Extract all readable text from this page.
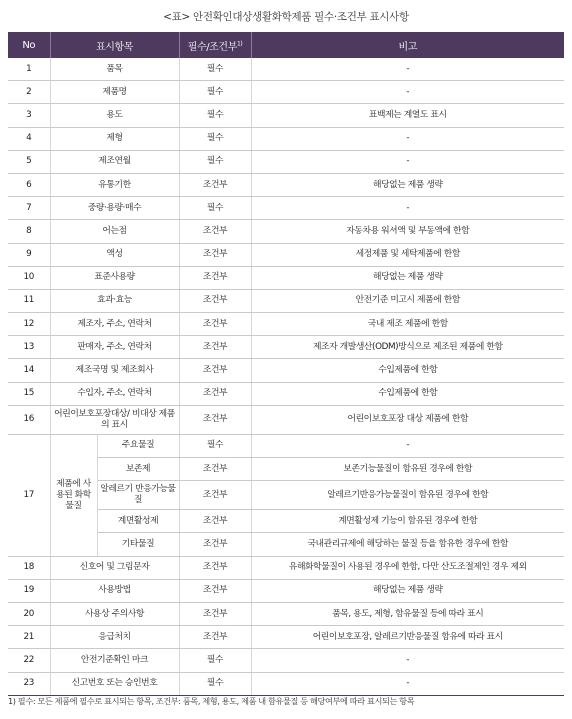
<표> 안전확인대상생활화학제품 필수·조건부 표시사항
No	표시항목		필수/조건부$^{1)}$	비고
1	품목		필수	-
2	제품명		필수	-
3	용도		필수	표백제는 계열도 표시
4	제형		필수	-
5	제조연월		필수	-
6	유통기한		조건부	해당없는 제품 생략
7	중량·용량·매수		필수	-
8	어는점		조건부	자동차용 워셔액 및 부동액에 한함
9	액성		조건부	세정제품 및 세탁제품에 한함
10	표준사용량		조건부	해당없는 제품 생략
11	효과·효능		조건부	안전기준 미고시 제품에 한함
12	제조자, 주소, 연락처		조건부	국내 제조 제품에 한함
13	판매자, 주소, 연락처		조건부	제조자 개발생산(ODM)방식으로 제조된 제품에 한함
14	제조국명 및 제조회사		조건부	수입제품에 한함
15	수입자, 주소, 연락처		조건부	수입제품에 한함
16	어린이보호포장대상/ 비대상 제품의 표시		조건부	어린이보호포장 대상 제품에 한함
17	제품에 사용된 화학물질	주요물질	필수	-
		보존제	조건부	보존기능물질이 함유된 경우에 한함
		알레르기 반응가능물질	조건부	알레르기반응가능물질이 함유된 경우에 한함
		계면활성제	조건부	계면활성제 기능이 함유된 경우에 한함
		기타물질	조건부	국내관리규제에 해당하는 물질 등을 함유한 경우에 한함
18	신호어 및 그림문자		조건부	유해화학물질이 사용된 경우에 한함, 다만 산도조절제인 경우 제외
19	사용방법		조건부	해당없는 제품 생략
20	사용상 주의사항		조건부	품목, 용도, 제형, 함유물질 등에 따라 표시
21	응급처치		조건부	어린이보호포장, 알레르기반응물질 함유에 따라 표시
22	안전기준확인 마크		필수	-
23	신고번호 또는 승인번호		필수	-
1) 필수: 모든 제품에 필수로 표시되는 항목, 조건부: 품목, 제형, 용도, 제품 내 함유물질 등 해당여부에 따라 표시되는 항목
